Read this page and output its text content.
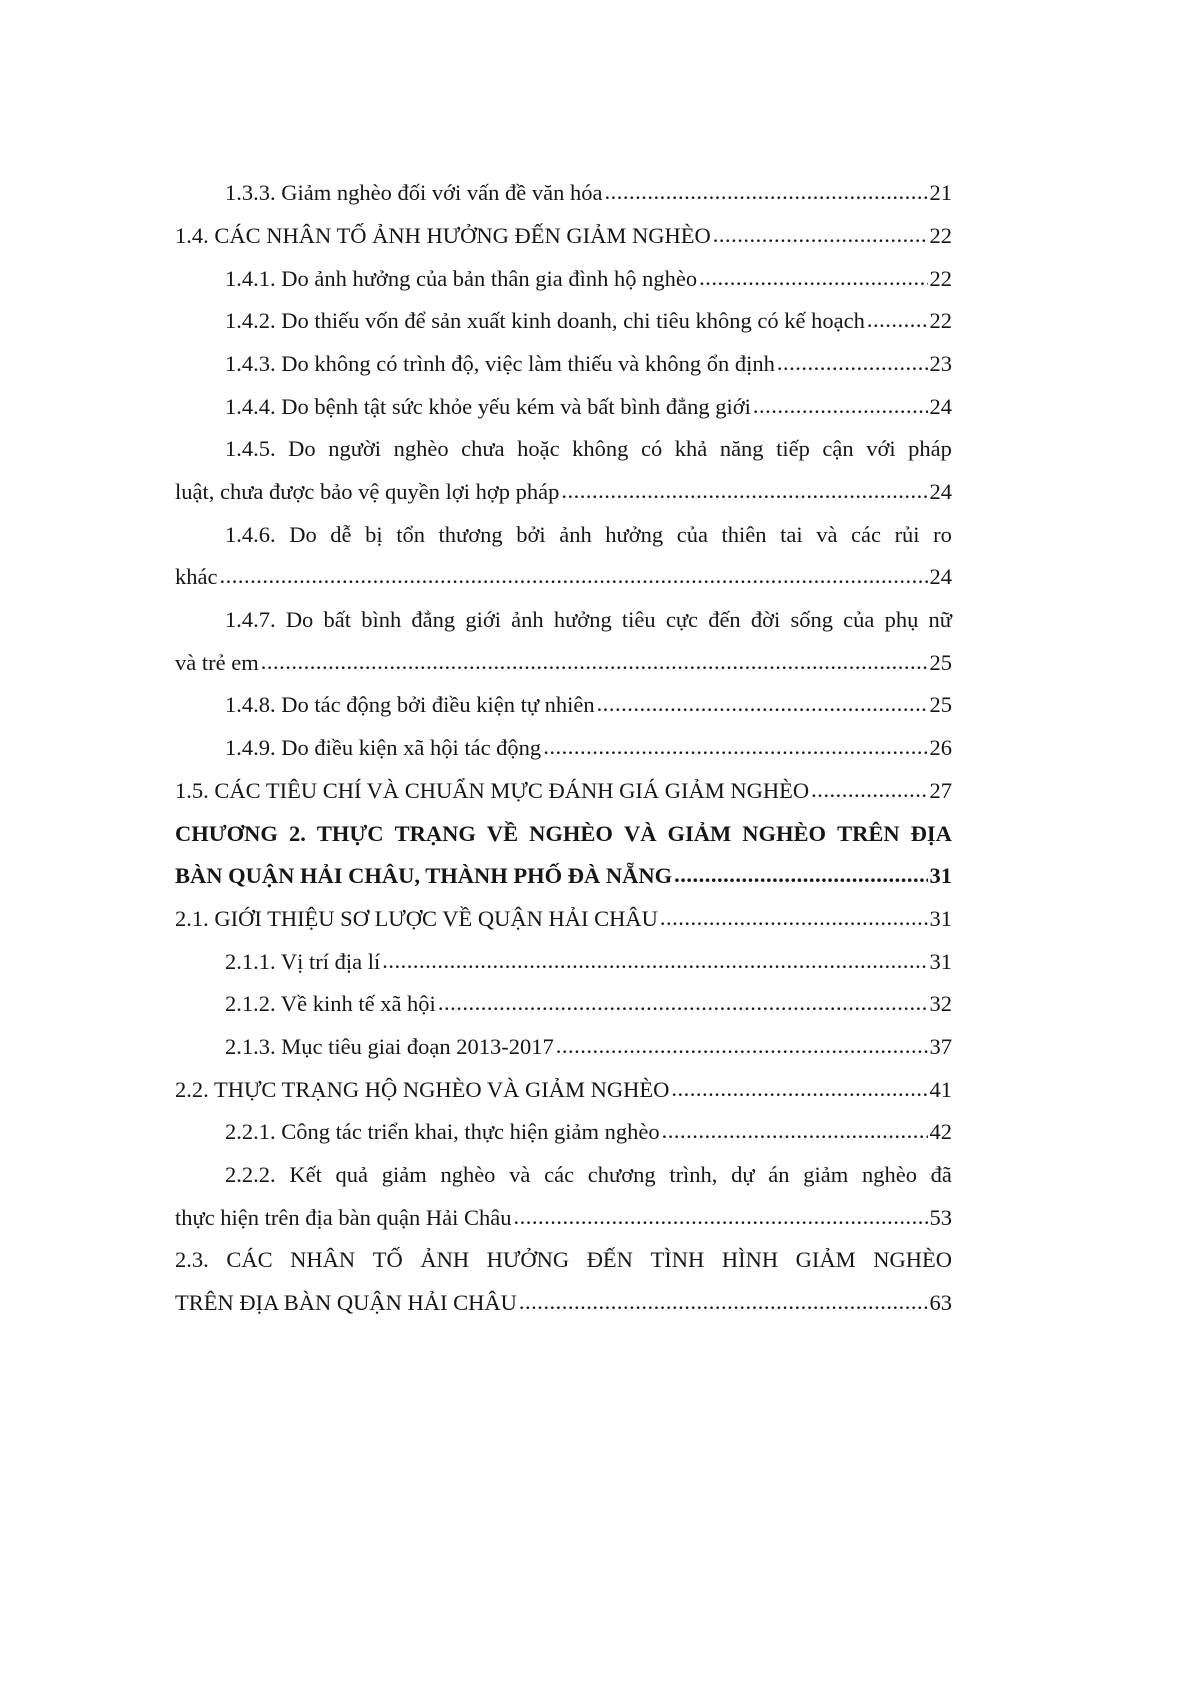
1.3.3. Giảm nghèo đối với vấn đề văn hóa .....	21
1.4. CÁC NHÂN TỐ ẢNH HƯỞNG ĐẾN GIẢM NGHÈO .....	22
1.4.1. Do ảnh hưởng của bản thân gia đình hộ nghèo .....	22
1.4.2. Do thiếu vốn để sản xuất kinh doanh, chi tiêu không có kế hoạch .....	22
1.4.3. Do không có trình độ, việc làm thiếu và không ổn định .....	23
1.4.4. Do bệnh tật sức khỏe yếu kém và bất bình đẳng giới .....	24
1.4.5. Do người nghèo chưa hoặc không có khả năng tiếp cận với pháp
luật, chưa được bảo vệ quyền lợi hợp pháp .....	24
1.4.6. Do dễ bị tổn thương bởi ảnh hưởng của thiên tai và các rủi ro
khác .....	24
1.4.7. Do bất bình đẳng giới ảnh hưởng tiêu cực đến đời sống của phụ nữ
và trẻ em .....	25
1.4.8. Do tác động bởi điều kiện tự nhiên .....	25
1.4.9. Do điều kiện xã hội tác động .....	26
1.5. CÁC TIÊU CHÍ VÀ CHUẨN MỰC ĐÁNH GIÁ GIẢM NGHÈO .....	27
CHƯƠNG 2. THỰC TRẠNG VỀ NGHÈO VÀ GIẢM NGHÈO TRÊN ĐỊA
BÀN QUẬN HẢI CHÂU, THÀNH PHỐ ĐÀ NẴNG .....	31
2.1. GIỚI THIỆU SƠ LƯỢC VỀ QUẬN HẢI CHÂU .....	31
2.1.1. Vị trí địa lí .....	31
2.1.2. Về kinh tế xã hội .....	32
2.1.3. Mục tiêu giai đoạn 2013-2017 .....	37
2.2. THỰC TRẠNG HỘ NGHÈO VÀ GIẢM NGHÈO .....	41
2.2.1. Công tác triển khai, thực hiện giảm nghèo .....	42
2.2.2. Kết quả giảm nghèo và các chương trình, dự án giảm nghèo đã
thực hiện trên địa bàn quận Hải Châu .....	53
2.3. CÁC NHÂN TỐ ẢNH HƯỞNG ĐẾN TÌNH HÌNH GIẢM NGHÈO
TRÊN ĐỊA BÀN QUẬN HẢI CHÂU .....	63
